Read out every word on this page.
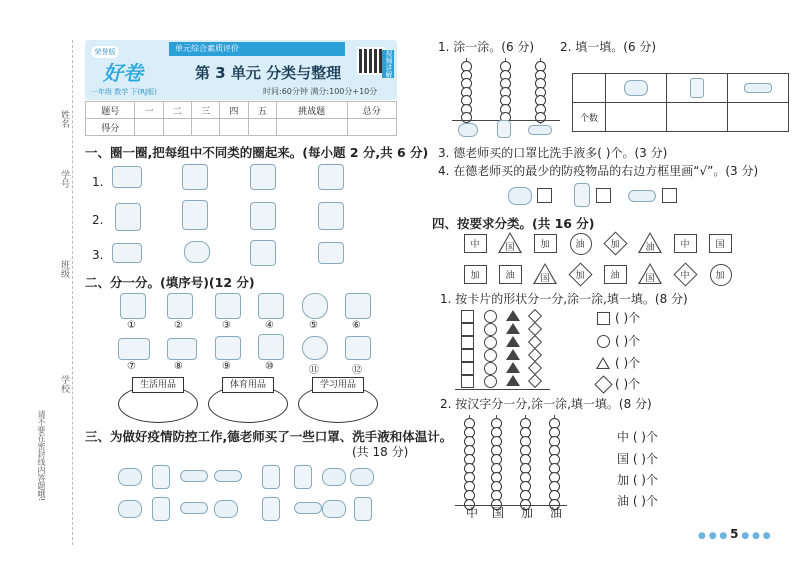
姓名
学号
班级
学校
请不要在密封线内答题哦!
荣誉版
好卷
一年级 数学 下(RJ版)
单元综合素质评价
第 3 单元 分类与整理
时间:60分钟 满分:100分+10分
视频讲解
题号	一	二	三	四	五	挑战题	总分
得分							
一、圈一圈,把每组中不同类的圈起来。(每小题 2 分,共 6 分)
1.
2.
3.
二、分一分。(填序号)(12 分)
①	②	③	④	⑤	⑥
⑦	⑧	⑨	⑩	⑪	⑫
生活用品	体育用品	学习用品
三、为做好疫情防控工作,德老师买了一些口罩、洗手液和体温计。
(共 18 分)
1. 涂一涂。(6 分) 2. 填一填。(6 分)

个数			
3. 德老师买的口罩比洗手液多( )个。(3 分)
4. 在德老师买的最少的防疫物品的右边方框里画“√”。(3 分)
四、按要求分类。(共 16 分)
中	国	加	油	加	油	中	国
加	油	国	加	油	国	中	加
1. 按卡片的形状分一分,涂一涂,填一填。(8 分)
( )个
( )个
( )个
( )个
2. 按汉字分一分,涂一涂,填一填。(8 分)
中 国 加 油
中 ( )个
国 ( )个
加 ( )个
油 ( )个
● ● ● 5 ● ● ●
